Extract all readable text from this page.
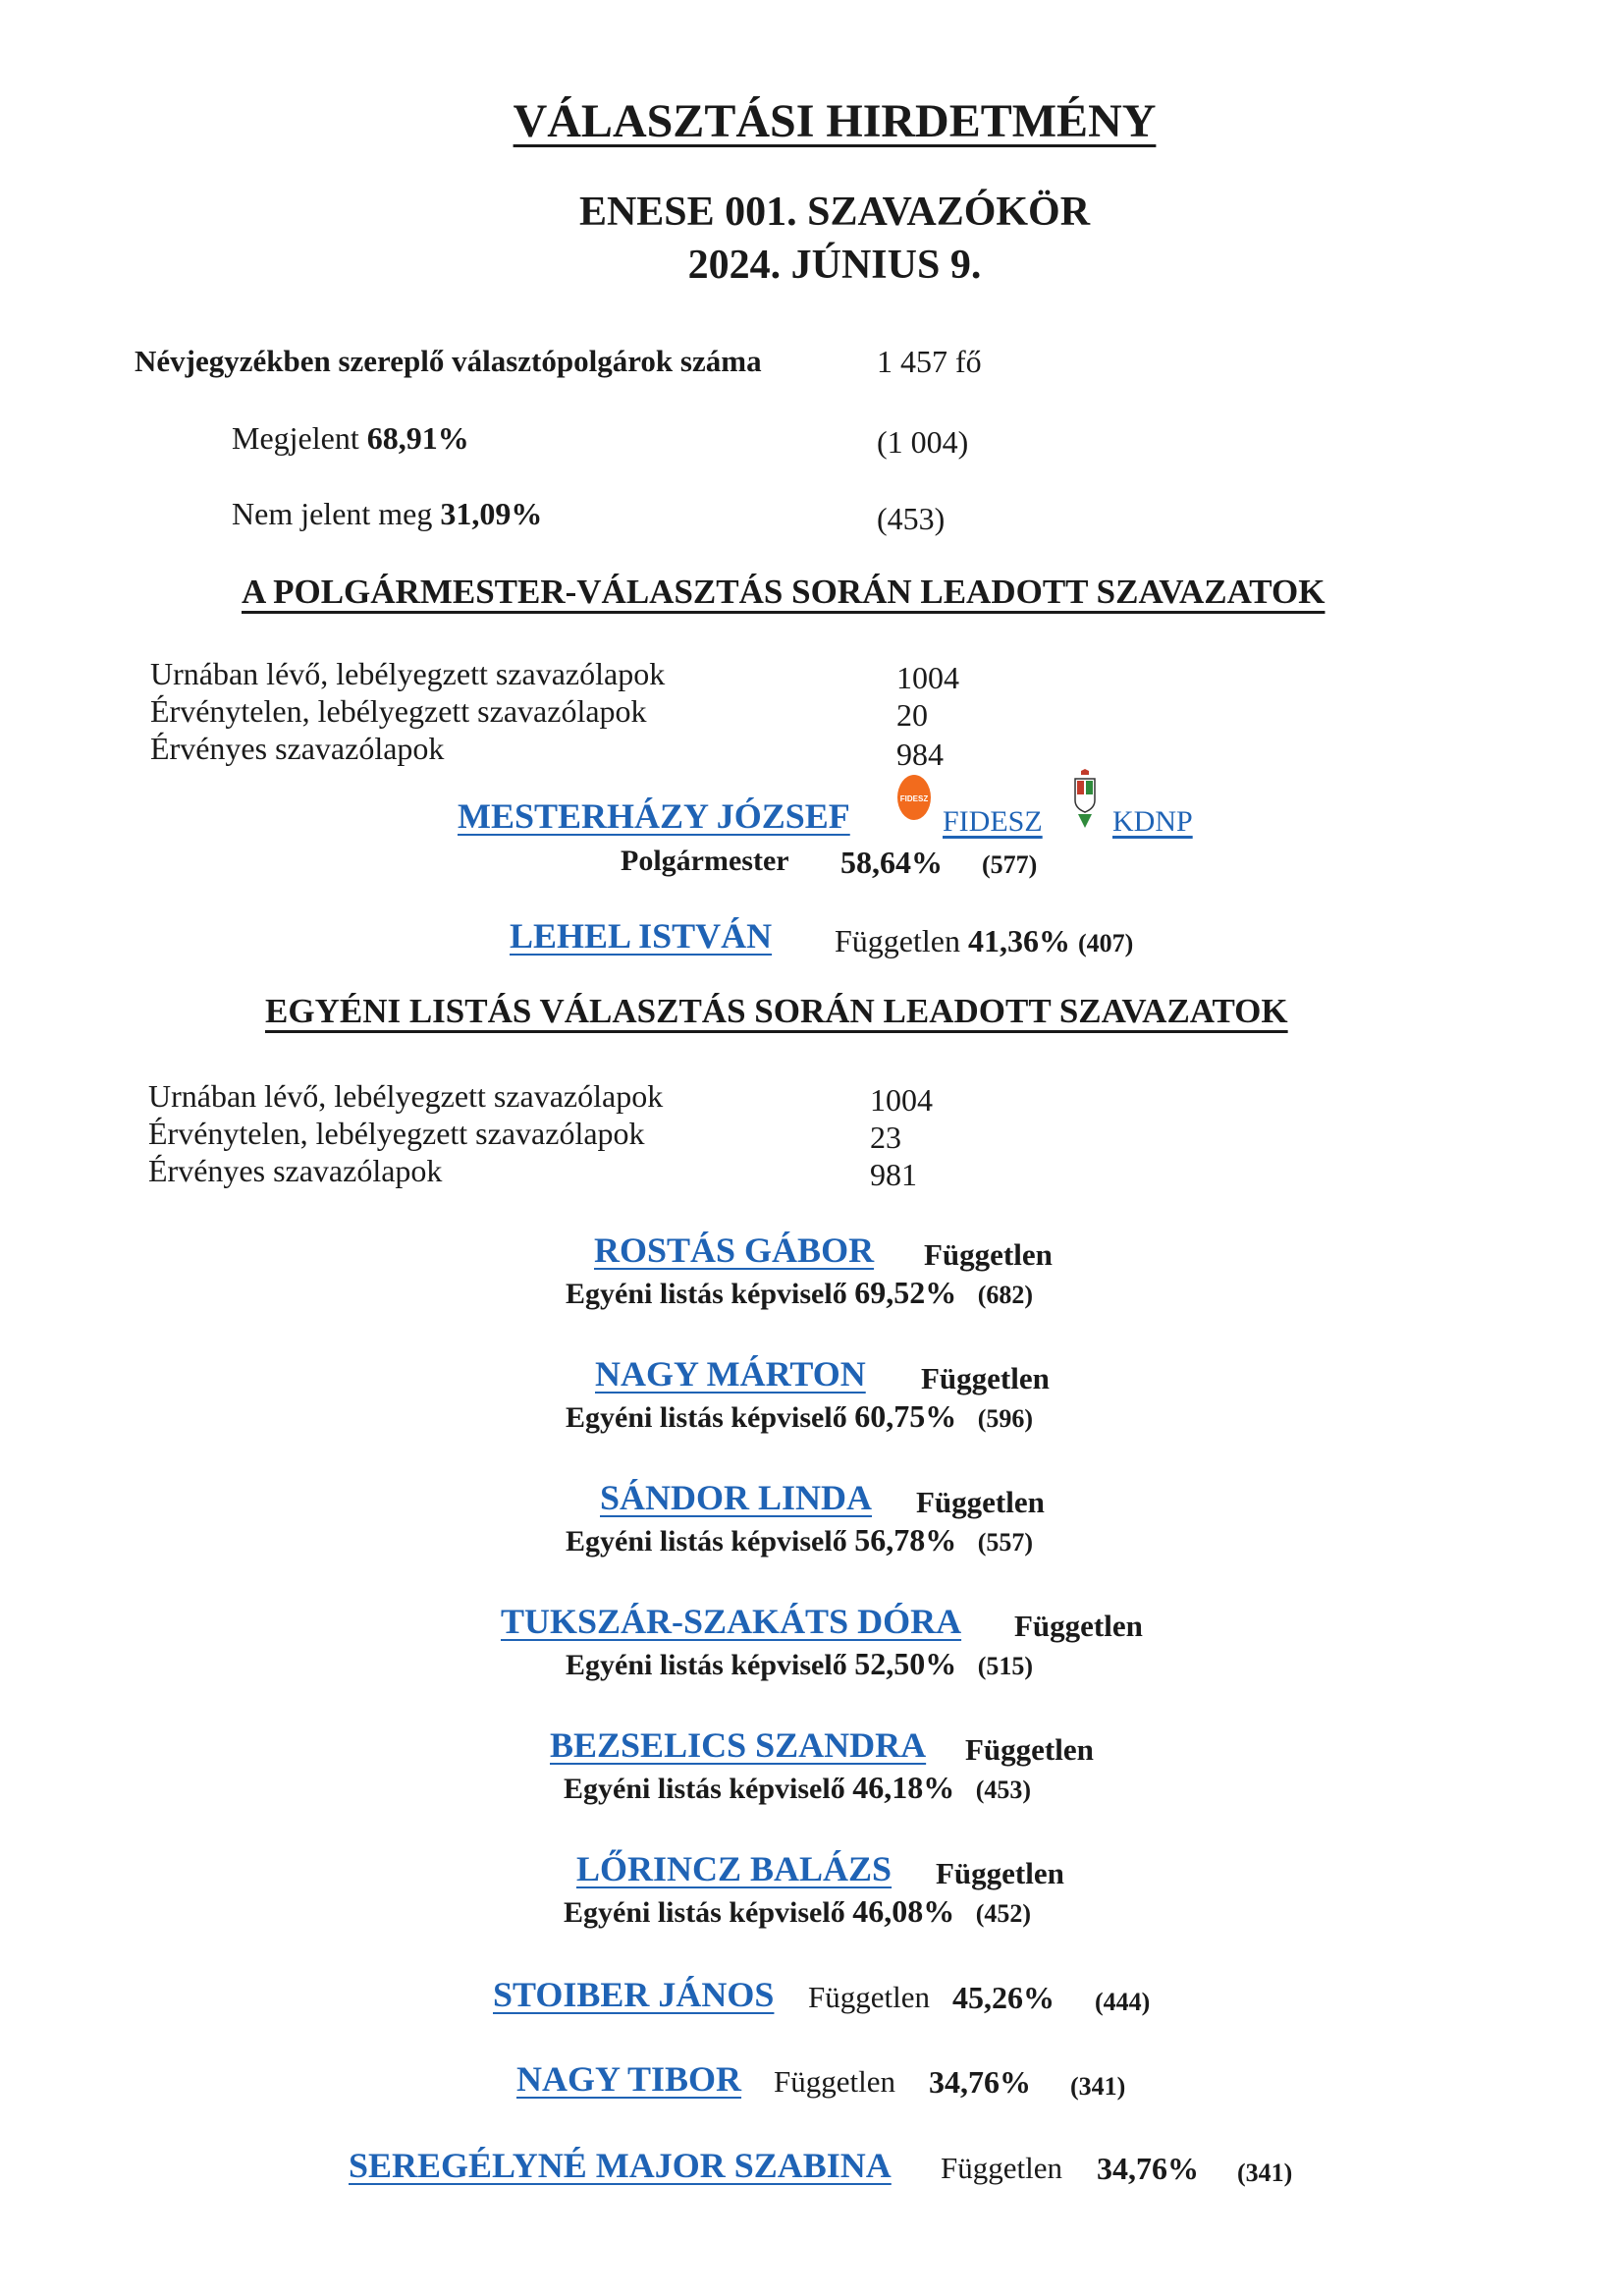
VÁLASZTÁSI HIRDETMÉNY
ENESE 001. SZAVAZÓKÖR
2024. JÚNIUS 9.
Névjegyzékben szereplő választópolgárok száma	1 457 fő
Megjelent 68,91%	(1 004)
Nem jelent meg 31,09%	(453)
A POLGÁRMESTER-VÁLASZTÁS SORÁN LEADOTT SZAVAZATOK
Urnában lévő, lebélyegzett szavazólapok	1004
Érvénytelen, lebélyegzett szavazólapok	20
Érvényes szavazólapok	984
MESTERHÁZY JÓZSEF	FIDESZ
FIDESZ KDNP
Polgármester 58,64% (577)
LEHEL ISTVÁN Független 41,36% (407)
EGYÉNI LISTÁS VÁLASZTÁS SORÁN LEADOTT SZAVAZATOK
Urnában lévő, lebélyegzett szavazólapok	1004
Érvénytelen, lebélyegzett szavazólapok	23
Érvényes szavazólapok	981
ROSTÁS GÁBOR Független
Egyéni listás képviselő 69,52% (682)
NAGY MÁRTON Független
Egyéni listás képviselő 60,75% (596)
SÁNDOR LINDA Független
Egyéni listás képviselő 56,78% (557)
TUKSZÁR-SZAKÁTS DÓRA Független
Egyéni listás képviselő 52,50% (515)
BEZSELICS SZANDRA Független
Egyéni listás képviselő 46,18% (453)
LŐRINCZ BALÁZS Független
Egyéni listás képviselő 46,08% (452)
STOIBER JÁNOS Független 45,26% (444)
NAGY TIBOR Független 34,76% (341)
SEREGÉLYNÉ MAJOR SZABINA Független 34,76% (341)
